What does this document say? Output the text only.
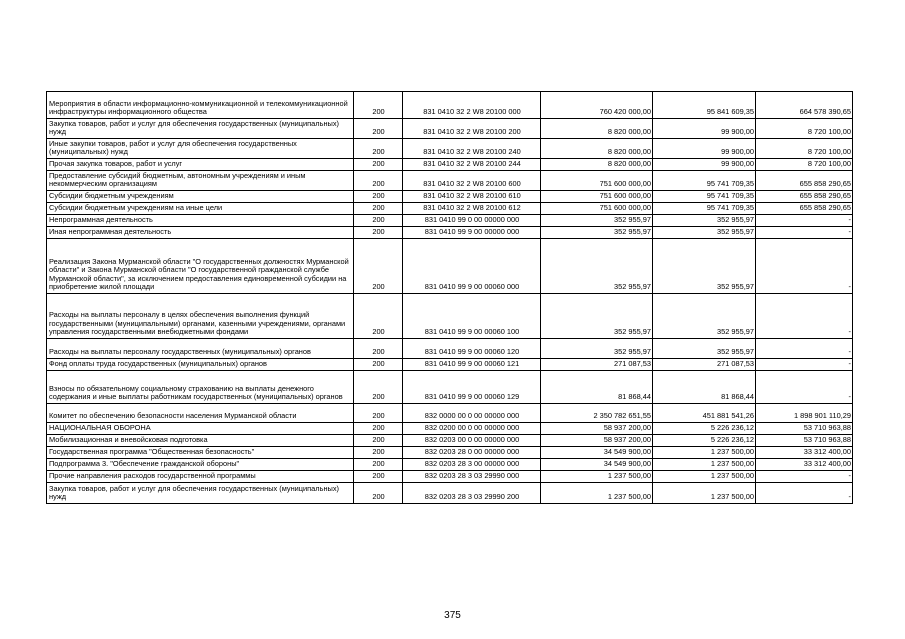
Мероприятия в области информационно-коммуникационной и телекоммуникационной инфраструктуры информационного общества	200	831 0410 32 2 W8 20100 000	760 420 000,00	95 841 609,35	664 578 390,65

Закупка товаров, работ и услуг для обеспечения государственных (муниципальных) нужд	200	831 0410 32 2 W8 20100 200	8 820 000,00	99 900,00	8 720 100,00

Иные закупки товаров, работ и услуг для обеспечения государственных (муниципальных) нужд	200	831 0410 32 2 W8 20100 240	8 820 000,00	99 900,00	8 720 100,00

Прочая закупка товаров, работ и услуг	200	831 0410 32 2 W8 20100 244	8 820 000,00	99 900,00	8 720 100,00

Предоставление субсидий бюджетным, автономным учреждениям и иным некоммерческим организациям	200	831 0410 32 2 W8 20100 600	751 600 000,00	95 741 709,35	655 858 290,65

Субсидии бюджетным учреждениям	200	831 0410 32 2 W8 20100 610	751 600 000,00	95 741 709,35	655 858 290,65

Субсидии бюджетным учреждениям на иные цели	200	831 0410 32 2 W8 20100 612	751 600 000,00	95 741 709,35	655 858 290,65

Непрограммная деятельность	200	831 0410 99 0 00 00000 000	352 955,97	352 955,97	-

Иная непрограммная деятельность	200	831 0410 99 9 00 00000 000	352 955,97	352 955,97	-

Реализация Закона Мурманской области "О государственных должностях Мурманской области" и Закона Мурманской области "О государственной гражданской службе Мурманской области", за исключением предоставления единовременной субсидии на приобретение жилой площади	200	831 0410 99 9 00 00060 000	352 955,97	352 955,97	-

Расходы на выплаты персоналу в целях обеспечения выполнения функций государственными (муниципальными) органами, казенными учреждениями, органами управления государственными внебюджетными фондами	200	831 0410 99 9 00 00060 100	352 955,97	352 955,97	-

Расходы на выплаты персоналу государственных (муниципальных) органов	200	831 0410 99 9 00 00060 120	352 955,97	352 955,97	-

Фонд оплаты труда государственных (муниципальных) органов	200	831 0410 99 9 00 00060 121	271 087,53	271 087,53	-

Взносы по обязательному социальному страхованию на выплаты денежного содержания и иные выплаты работникам государственных (муниципальных) органов	200	831 0410 99 9 00 00060 129	81 868,44	81 868,44	-

Комитет по обеспечению безопасности населения Мурманской области	200	832 0000 00 0 00 00000 000	2 350 782 651,55	451 881 541,26	1 898 901 110,29

НАЦИОНАЛЬНАЯ ОБОРОНА	200	832 0200 00 0 00 00000 000	58 937 200,00	5 226 236,12	53 710 963,88

Мобилизационная и вневойсковая подготовка	200	832 0203 00 0 00 00000 000	58 937 200,00	5 226 236,12	53 710 963,88

Государственная программа "Общественная безопасность"	200	832 0203 28 0 00 00000 000	34 549 900,00	1 237 500,00	33 312 400,00

Подпрограмма 3. "Обеспечение гражданской обороны"	200	832 0203 28 3 00 00000 000	34 549 900,00	1 237 500,00	33 312 400,00

Прочие направления расходов государственной программы	200	832 0203 28 3 03 29990 000	1 237 500,00	1 237 500,00	-

Закупка товаров, работ и услуг для обеспечения государственных (муниципальных) нужд	200	832 0203 28 3 03 29990 200	1 237 500,00	1 237 500,00	-
375
